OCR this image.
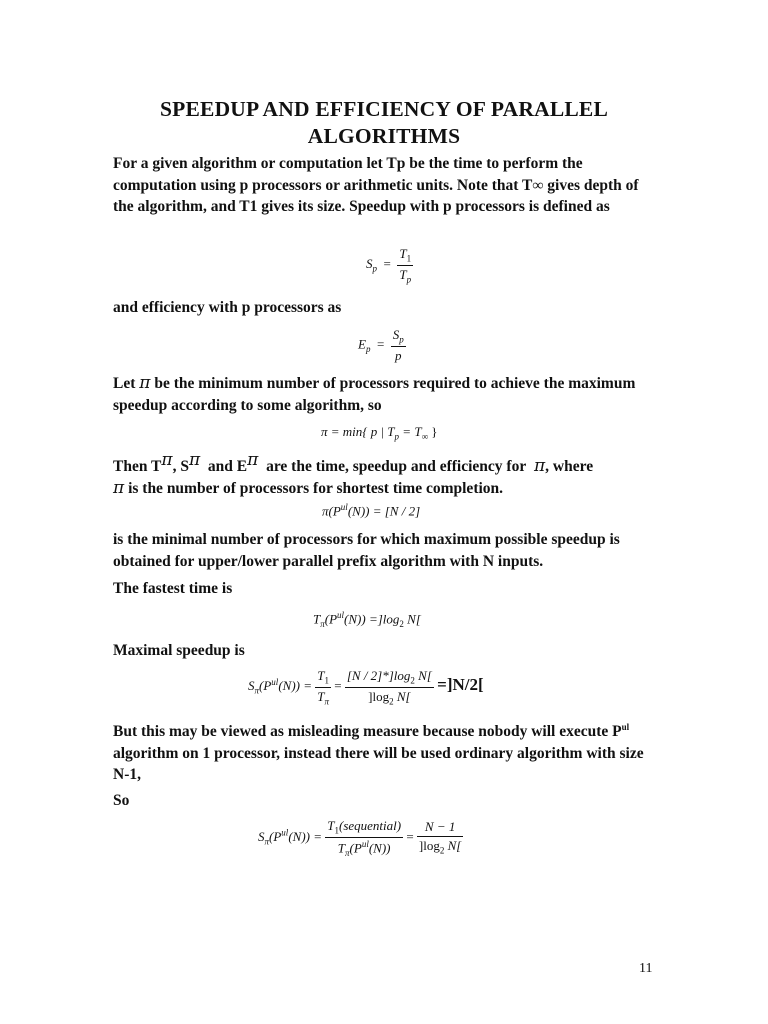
SPEEDUP AND EFFICIENCY OF PARALLEL ALGORITHMS
For a given algorithm or computation let Tp be the time to perform the computation using p processors or arithmetic units. Note that T∞ gives depth of the algorithm, and T1 gives its size. Speedup with p processors is defined as
$S_p = \frac{T_1}{T_p}$
and efficiency with p processors as
$E_p = \frac{S_p}{p}$
Let π be the minimum number of processors required to achieve the maximum speedup according to some algorithm, so
π = min{ p | $T_p = T_\infty$ }
Then $T^\pi$, $S^\pi$ and $E^\pi$ are the time, speedup and efficiency for π, where
π is the number of processors for shortest time completion.
$\pi(P^{ul}(N)) = [N / 2]$
is the minimal number of processors for which maximum possible speedup is obtained for upper/lower parallel prefix algorithm with N inputs.
The fastest time is
$T_\pi(P^{ul}(N)) =]\log_2$ N[
Maximal speedup is
$S_\pi(P^{ul}(N)) = \frac{T_1}{T_\pi} = \frac{[N / 2]*]\log_2 N[}{]\log_2 N[} =]N/2$[
But this may be viewed as misleading measure because nobody will execute $P^{ul}$ algorithm on 1 processor, instead there will be used ordinary algorithm with size N-1,
So
$S_\pi(P^{ul}(N)) = \frac{T_1(sequential)}{T_\pi(P^{ul}(N))} = \frac{N - 1}{]\log_2 N[}$
11
